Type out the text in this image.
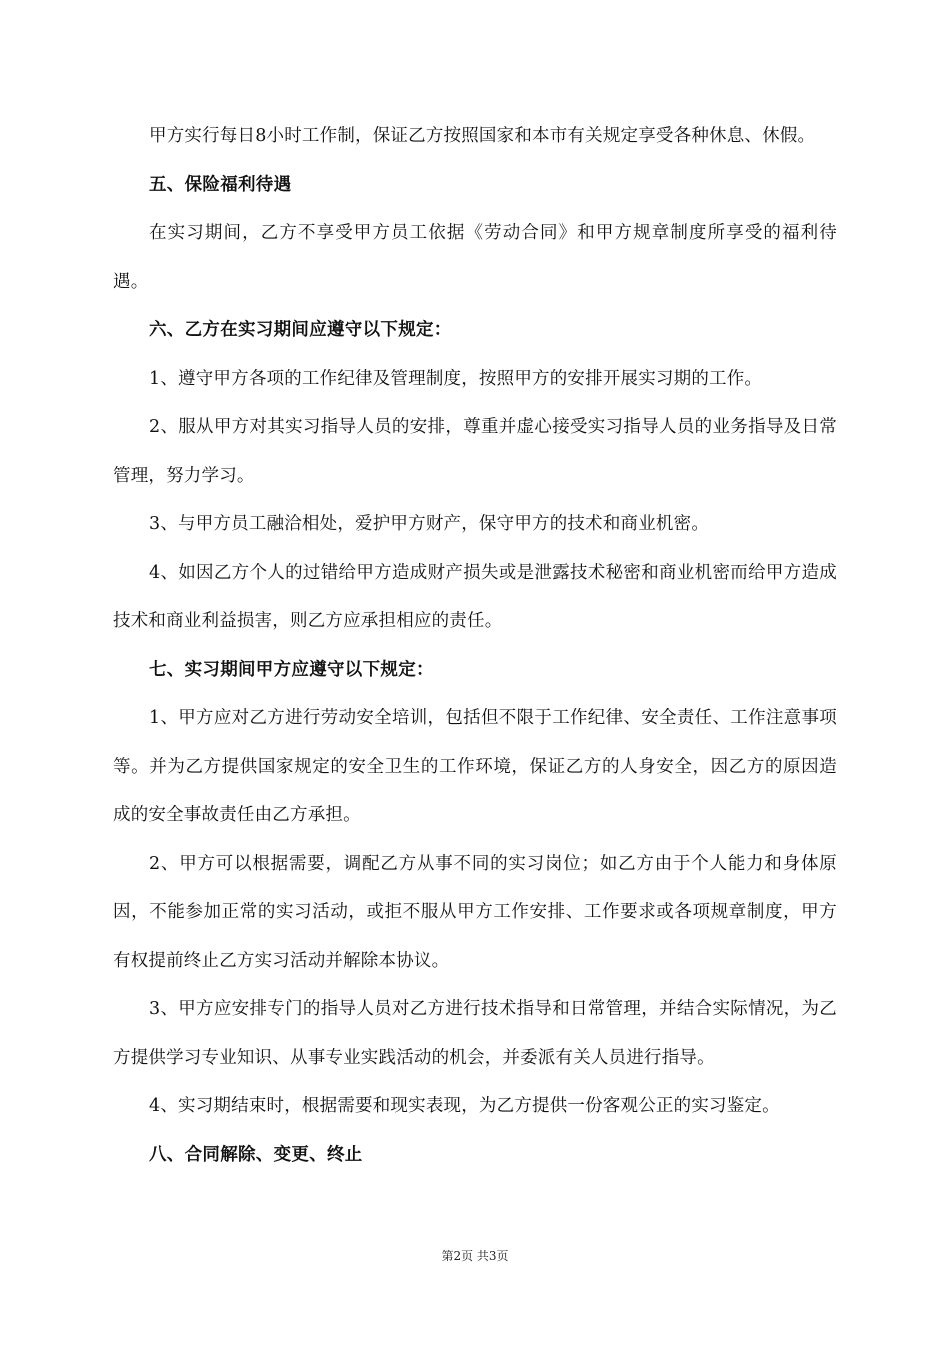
甲方实行每日8小时工作制，保证乙方按照国家和本市有关规定享受各种休息、休假。

五、保险福利待遇

在实习期间，乙方不享受甲方员工依据《劳动合同》和甲方规章制度所享受的福利待遇。

六、乙方在实习期间应遵守以下规定：

1、遵守甲方各项的工作纪律及管理制度，按照甲方的安排开展实习期的工作。

2、服从甲方对其实习指导人员的安排，尊重并虚心接受实习指导人员的业务指导及日常管理，努力学习。

3、与甲方员工融洽相处，爱护甲方财产，保守甲方的技术和商业机密。

4、如因乙方个人的过错给甲方造成财产损失或是泄露技术秘密和商业机密而给甲方造成技术和商业利益损害，则乙方应承担相应的责任。

七、实习期间甲方应遵守以下规定：

1、甲方应对乙方进行劳动安全培训，包括但不限于工作纪律、安全责任、工作注意事项等。并为乙方提供国家规定的安全卫生的工作环境，保证乙方的人身安全，因乙方的原因造成的安全事故责任由乙方承担。

2、甲方可以根据需要，调配乙方从事不同的实习岗位；如乙方由于个人能力和身体原因，不能参加正常的实习活动，或拒不服从甲方工作安排、工作要求或各项规章制度，甲方有权提前终止乙方实习活动并解除本协议。

3、甲方应安排专门的指导人员对乙方进行技术指导和日常管理，并结合实际情况，为乙方提供学习专业知识、从事专业实践活动的机会，并委派有关人员进行指导。

4、实习期结束时，根据需要和现实表现，为乙方提供一份客观公正的实习鉴定。

八、合同解除、变更、终止

第2页 共3页
